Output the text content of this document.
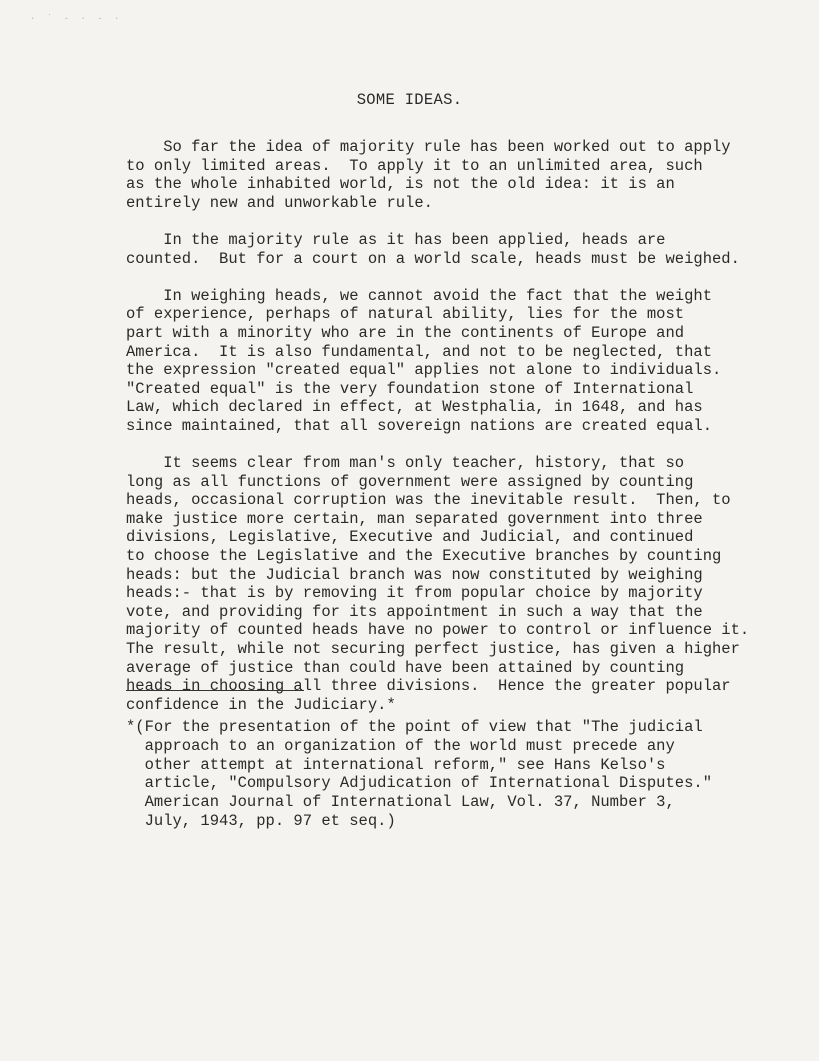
· ˙ ‐ · ‐ ·
SOME IDEAS.

So far the idea of majority rule has been worked out to apply
to only limited areas.  To apply it to an unlimited area, such
as the whole inhabited world, is not the old idea: it is an
entirely new and unworkable rule.

In the majority rule as it has been applied, heads are
counted.  But for a court on a world scale, heads must be weighed.

In weighing heads, we cannot avoid the fact that the weight
of experience, perhaps of natural ability, lies for the most
part with a minority who are in the continents of Europe and
America.  It is also fundamental, and not to be neglected, that
the expression "created equal" applies not alone to individuals.
"Created equal" is the very foundation stone of International
Law, which declared in effect, at Westphalia, in 1648, and has
since maintained, that all sovereign nations are created equal.

It seems clear from man's only teacher, history, that so
long as all functions of government were assigned by counting
heads, occasional corruption was the inevitable result.  Then, to
make justice more certain, man separated government into three
divisions, Legislative, Executive and Judicial, and continued
to choose the Legislative and the Executive branches by counting
heads: but the Judicial branch was now constituted by weighing
heads:- that is by removing it from popular choice by majority
vote, and providing for its appointment in such a way that the
majority of counted heads have no power to control or influence it.
The result, while not securing perfect justice, has given a higher
average of justice than could have been attained by counting
heads in choosing all three divisions.  Hence the greater popular
confidence in the Judiciary.*

*(For the presentation of the point of view that "The judicial
approach to an organization of the world must precede any
other attempt at international reform," see Hans Kelso's
article, "Compulsory Adjudication of International Disputes."
American Journal of International Law, Vol. 37, Number 3,
July, 1943, pp. 97 et seq.)
